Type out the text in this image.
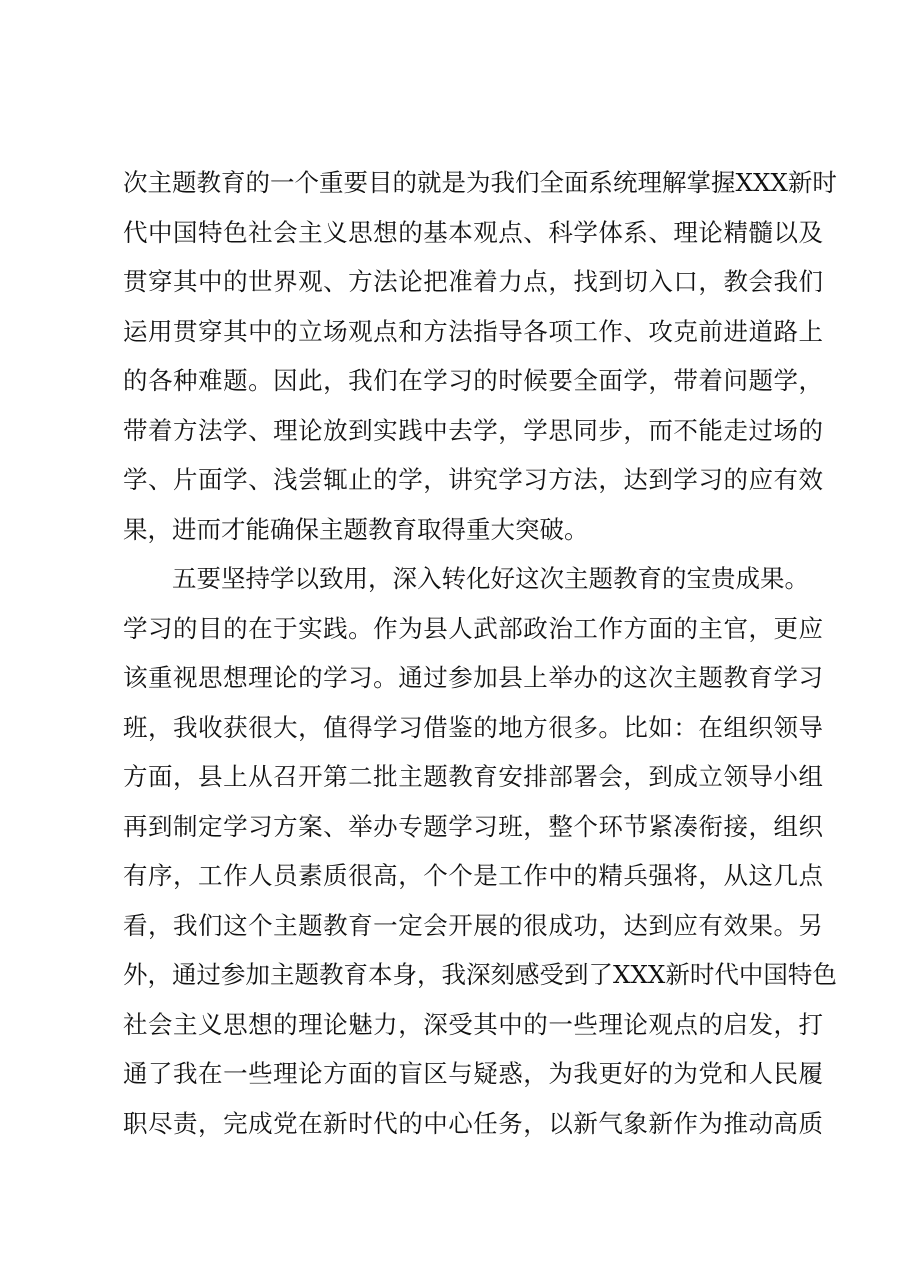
次主题教育的一个重要目的就是为我们全面系统理解掌握XXX新时
代中国特色社会主义思想的基本观点、科学体系、理论精髓以及
贯穿其中的世界观、方法论把准着力点，找到切入口，教会我们
运用贯穿其中的立场观点和方法指导各项工作、攻克前进道路上
的各种难题。因此，我们在学习的时候要全面学，带着问题学，
带着方法学、理论放到实践中去学，学思同步，而不能走过场的
学、片面学、浅尝辄止的学，讲究学习方法，达到学习的应有效
果，进而才能确保主题教育取得重大突破。
五要坚持学以致用，深入转化好这次主题教育的宝贵成果。
学习的目的在于实践。作为县人武部政治工作方面的主官，更应
该重视思想理论的学习。通过参加县上举办的这次主题教育学习
班，我收获很大，值得学习借鉴的地方很多。比如：在组织领导
方面，县上从召开第二批主题教育安排部署会，到成立领导小组
再到制定学习方案、举办专题学习班，整个环节紧凑衔接，组织
有序，工作人员素质很高，个个是工作中的精兵强将，从这几点
看，我们这个主题教育一定会开展的很成功，达到应有效果。另
外，通过参加主题教育本身，我深刻感受到了XXX新时代中国特色
社会主义思想的理论魅力，深受其中的一些理论观点的启发，打
通了我在一些理论方面的盲区与疑惑，为我更好的为党和人民履
职尽责，完成党在新时代的中心任务，以新气象新作为推动高质
